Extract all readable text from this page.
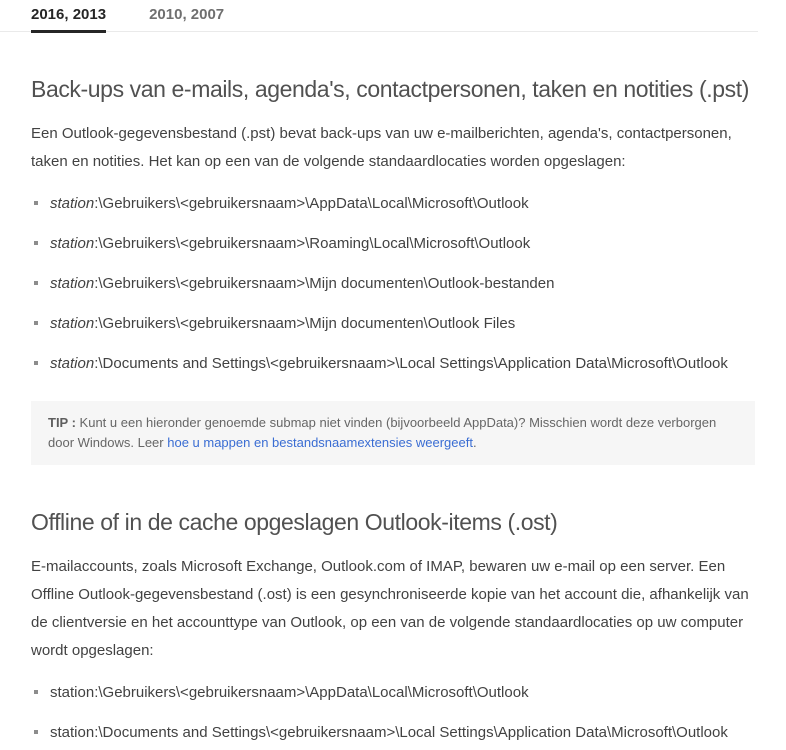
2016, 2013	2010, 2007
Back-ups van e-mails, agenda's, contactpersonen, taken en notities (.pst)

Een Outlook-gegevensbestand (.pst) bevat back-ups van uw e-mailberichten, agenda's, contactpersonen, taken en notities. Het kan op een van de volgende standaardlocaties worden opgeslagen:

station:\Gebruikers\<gebruikersnaam>\AppData\Local\Microsoft\Outlook
station:\Gebruikers\<gebruikersnaam>\Roaming\Local\Microsoft\Outlook
station:\Gebruikers\<gebruikersnaam>\Mijn documenten\Outlook-bestanden
station:\Gebruikers\<gebruikersnaam>\Mijn documenten\Outlook Files
station:\Documents and Settings\<gebruikersnaam>\Local Settings\Application Data\Microsoft\Outlook
TIP : Kunt u een hieronder genoemde submap niet vinden (bijvoorbeeld AppData)? Misschien wordt deze verborgen door Windows. Leer hoe u mappen en bestandsnaamextensies weergeeft.
Offline of in de cache opgeslagen Outlook-items (.ost)

E-mailaccounts, zoals Microsoft Exchange, Outlook.com of IMAP, bewaren uw e-mail op een server. Een Offline Outlook-gegevensbestand (.ost) is een gesynchroniseerde kopie van het account die, afhankelijk van de clientversie en het accounttype van Outlook, op een van de volgende standaardlocaties op uw computer wordt opgeslagen:

station:\Gebruikers\<gebruikersnaam>\AppData\Local\Microsoft\Outlook
station:\Documents and Settings\<gebruikersnaam>\Local Settings\Application Data\Microsoft\Outlook
